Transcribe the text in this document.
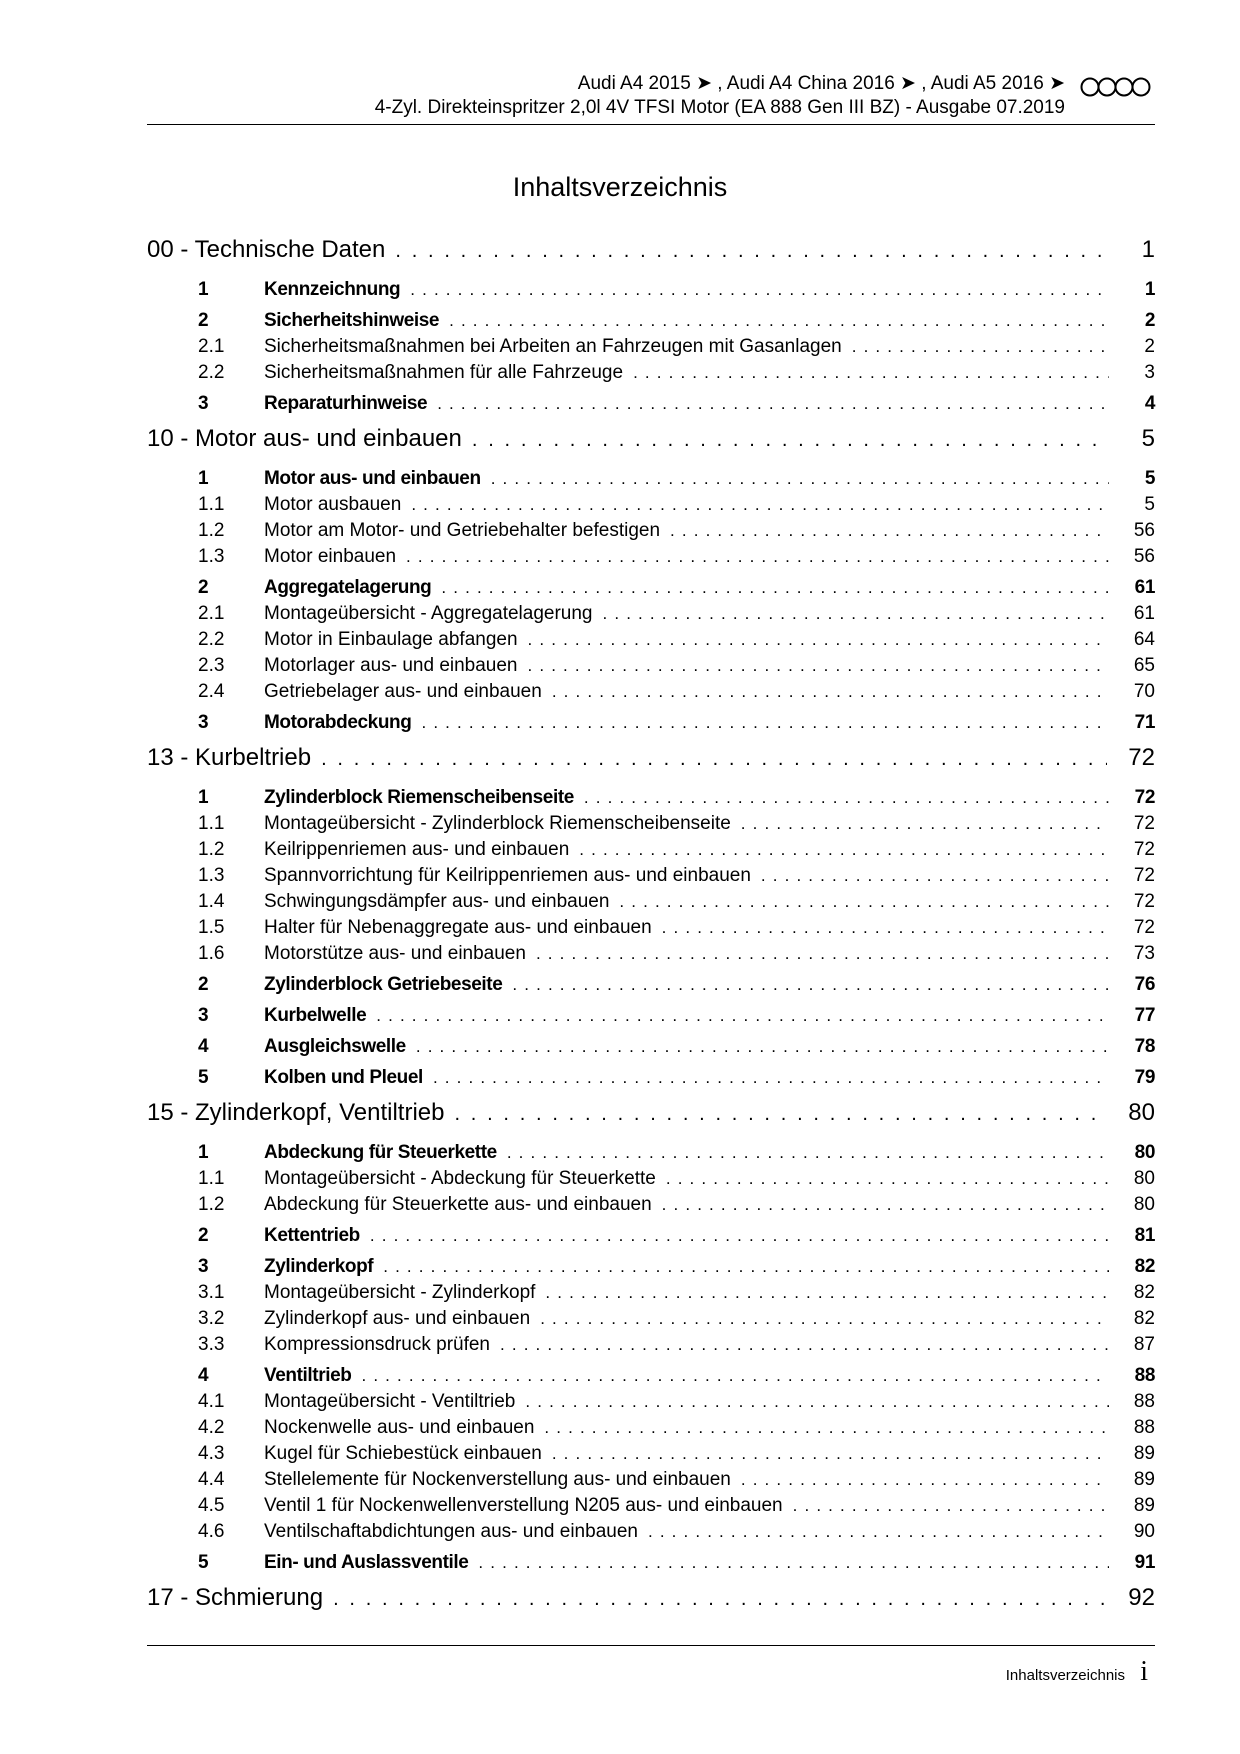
Audi A4 2015 ➤ , Audi A4 China 2016 ➤ , Audi A5 2016 ➤
4-Zyl. Direkteinspritzer 2,0l 4V TFSI Motor (EA 888 Gen III BZ) - Ausgabe 07.2019
Inhaltsverzeichnis
00 - Technische Daten . . .	1
1	Kennzeichnung . . .	1
2	Sicherheitshinweise . . .	2
2.1	Sicherheitsmaßnahmen bei Arbeiten an Fahrzeugen mit Gasanlagen . . .	2
2.2	Sicherheitsmaßnahmen für alle Fahrzeuge . . .	3
3	Reparaturhinweise . . .	4
10 - Motor aus- und einbauen . . .	5
1	Motor aus- und einbauen . . .	5
1.1	Motor ausbauen . . .	5
1.2	Motor am Motor- und Getriebehalter befestigen . . .	56
1.3	Motor einbauen . . .	56
2	Aggregatelagerung . . .	61
2.1	Montageübersicht - Aggregatelagerung . . .	61
2.2	Motor in Einbaulage abfangen . . .	64
2.3	Motorlager aus- und einbauen . . .	65
2.4	Getriebelager aus- und einbauen . . .	70
3	Motorabdeckung . . .	71
13 - Kurbeltrieb . . .	72
1	Zylinderblock Riemenscheibenseite . . .	72
1.1	Montageübersicht - Zylinderblock Riemenscheibenseite . . .	72
1.2	Keilrippenriemen aus- und einbauen . . .	72
1.3	Spannvorrichtung für Keilrippenriemen aus- und einbauen . . .	72
1.4	Schwingungsdämpfer aus- und einbauen . . .	72
1.5	Halter für Nebenaggregate aus- und einbauen . . .	72
1.6	Motorstütze aus- und einbauen . . .	73
2	Zylinderblock Getriebeseite . . .	76
3	Kurbelwelle . . .	77
4	Ausgleichswelle . . .	78
5	Kolben und Pleuel . . .	79
15 - Zylinderkopf, Ventiltrieb . . .	80
1	Abdeckung für Steuerkette . . .	80
1.1	Montageübersicht - Abdeckung für Steuerkette . . .	80
1.2	Abdeckung für Steuerkette aus- und einbauen . . .	80
2	Kettentrieb . . .	81
3	Zylinderkopf . . .	82
3.1	Montageübersicht - Zylinderkopf . . .	82
3.2	Zylinderkopf aus- und einbauen . . .	82
3.3	Kompressionsdruck prüfen . . .	87
4	Ventiltrieb . . .	88
4.1	Montageübersicht - Ventiltrieb . . .	88
4.2	Nockenwelle aus- und einbauen . . .	88
4.3	Kugel für Schiebestück einbauen . . .	89
4.4	Stellelemente für Nockenverstellung aus- und einbauen . . .	89
4.5	Ventil 1 für Nockenwellenverstellung N205 aus- und einbauen . . .	89
4.6	Ventilschaftabdichtungen aus- und einbauen . . .	90
5	Ein- und Auslassventile . . .	91
17 - Schmierung . . .	92
Inhaltsverzeichnis i
